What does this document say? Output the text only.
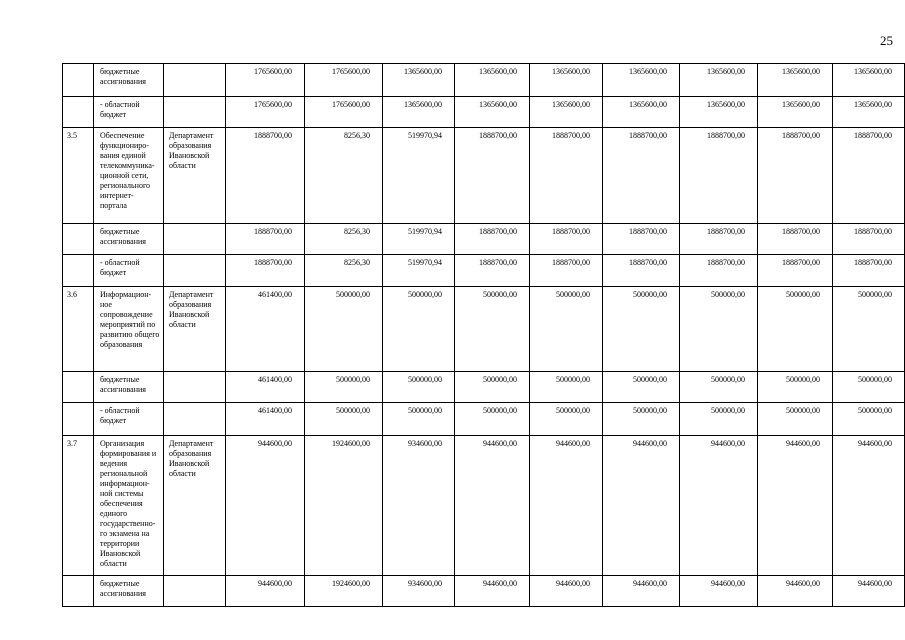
25
	бюджетные ассигнования		1765600,00	1765600,00	1365600,00	1365600,00	1365600,00	1365600,00	1365600,00	1365600,00	1365600,00
	- областной бюджет		1765600,00	1765600,00	1365600,00	1365600,00	1365600,00	1365600,00	1365600,00	1365600,00	1365600,00
3.5	Обеспечение функциониро-вания единой телекоммуника-ционной сети, регионального интернет-портала	Департамент образования Ивановской области	1888700,00	8256,30	519970,94	1888700,00	1888700,00	1888700,00	1888700,00	1888700,00	1888700,00
	бюджетные ассигнования		1888700,00	8256,30	519970,94	1888700,00	1888700,00	1888700,00	1888700,00	1888700,00	1888700,00
	- областной бюджет		1888700,00	8256,30	519970,94	1888700,00	1888700,00	1888700,00	1888700,00	1888700,00	1888700,00
3.6	Информацион-ное сопровождение мероприятий по развитию общего образования	Департамент образования Ивановской области	461400,00	500000,00	500000,00	500000,00	500000,00	500000,00	500000,00	500000,00	500000,00
	бюджетные ассигнования		461400,00	500000,00	500000,00	500000,00	500000,00	500000,00	500000,00	500000,00	500000,00
	- областной бюджет		461400,00	500000,00	500000,00	500000,00	500000,00	500000,00	500000,00	500000,00	500000,00
3.7	Организация формирования и ведения региональной информацион-ной системы обеспечения единого государственно-го экзамена на территории Ивановской области	Департамент образования Ивановской области	944600,00	1924600,00	934600,00	944600,00	944600,00	944600,00	944600,00	944600,00	944600,00
	бюджетные ассигнования		944600,00	1924600,00	934600,00	944600,00	944600,00	944600,00	944600,00	944600,00	944600,00
